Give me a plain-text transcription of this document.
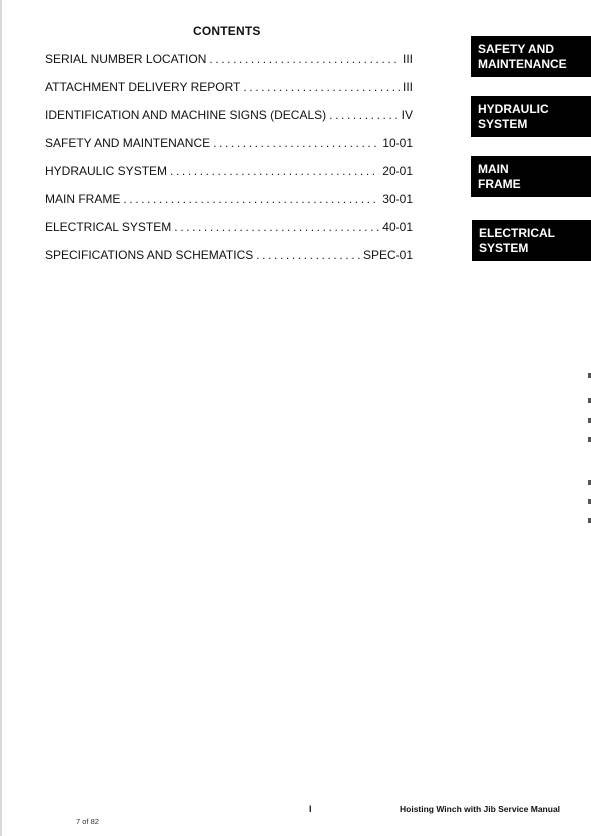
CONTENTS
SERIAL NUMBER LOCATION .....	III
ATTACHMENT DELIVERY REPORT .....	III
IDENTIFICATION AND MACHINE SIGNS (DECALS) .....	IV
SAFETY AND MAINTENANCE .....	10-01
HYDRAULIC SYSTEM .....	20-01
MAIN FRAME .....	30-01
ELECTRICAL SYSTEM .....	40-01
SPECIFICATIONS AND SCHEMATICS .....	SPEC-01
SAFETY AND
MAINTENANCE
HYDRAULIC
SYSTEM
MAIN
FRAME
ELECTRICAL
SYSTEM
I	Hoisting Winch with Jib Service Manual
7 of 82
